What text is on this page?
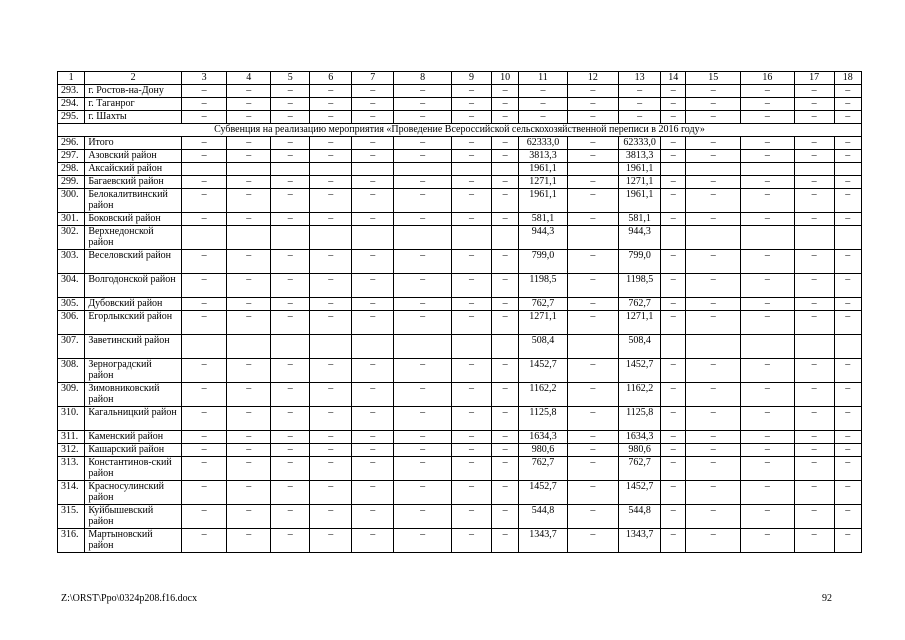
1	2	3	4	5	6	7	8	9	10	11	12	13	14	15	16	17	18
293.	г. Ростов-на-Дону	–	–	–	–	–	–	–	–	–	–	–	–	–	–	–	–
294.	г. Таганрог	–	–	–	–	–	–	–	–	–	–	–	–	–	–	–	–
295.	г. Шахты	–	–	–	–	–	–	–	–	–	–	–	–	–	–	–	–
Субвенция на реализацию мероприятия «Проведение Всероссийской сельскохозяйственной переписи в 2016 году»																	
296.	Итого	–	–	–	–	–	–	–	–	62333,0	–	62333,0	–	–	–	–	–
297.	Азовский район	–	–	–	–	–	–	–	–	3813,3	–	3813,3	–	–	–	–	–
298.	Аксайский район									1961,1		1961,1					
299.	Багаевский район	–	–	–	–	–	–	–	–	1271,1	–	1271,1	–	–	–	–	–
300.	Белокалитвинский район	–	–	–	–	–	–	–	–	1961,1	–	1961,1	–	–	–	–	–
301.	Боковский район	–	–	–	–	–	–	–	–	581,1	–	581,1	–	–	–	–	–
302.	Верхнедонской район									944,3		944,3					
303.	Веселовский район	–	–	–	–	–	–	–	–	799,0	–	799,0	–	–	–	–	–
304.	Волгодонской район	–	–	–	–	–	–	–	–	1198,5	–	1198,5	–	–	–	–	–
305.	Дубовский район	–	–	–	–	–	–	–	–	762,7	–	762,7	–	–	–	–	–
306.	Егорлыкский район	–	–	–	–	–	–	–	–	1271,1	–	1271,1	–	–	–	–	–
307.	Заветинский район									508,4		508,4					
308.	Зерноградский район	–	–	–	–	–	–	–	–	1452,7	–	1452,7	–	–	–	–	–
309.	Зимовниковский район	–	–	–	–	–	–	–	–	1162,2	–	1162,2	–	–	–	–	–
310.	Кагальницкий район	–	–	–	–	–	–	–	–	1125,8	–	1125,8	–	–	–	–	–
311.	Каменский район	–	–	–	–	–	–	–	–	1634,3	–	1634,3	–	–	–	–	–
312.	Кашарский район	–	–	–	–	–	–	–	–	980,6	–	980,6	–	–	–	–	–
313.	Константинов-ский район	–	–	–	–	–	–	–	–	762,7	–	762,7	–	–	–	–	–
314.	Красносулинский район	–	–	–	–	–	–	–	–	1452,7	–	1452,7	–	–	–	–	–
315.	Куйбышевский район	–	–	–	–	–	–	–	–	544,8	–	544,8	–	–	–	–	–
316.	Мартыновский район	–	–	–	–	–	–	–	–	1343,7	–	1343,7	–	–	–	–	–
Z:\ORST\Ppo\0324p208.f16.docx	92
